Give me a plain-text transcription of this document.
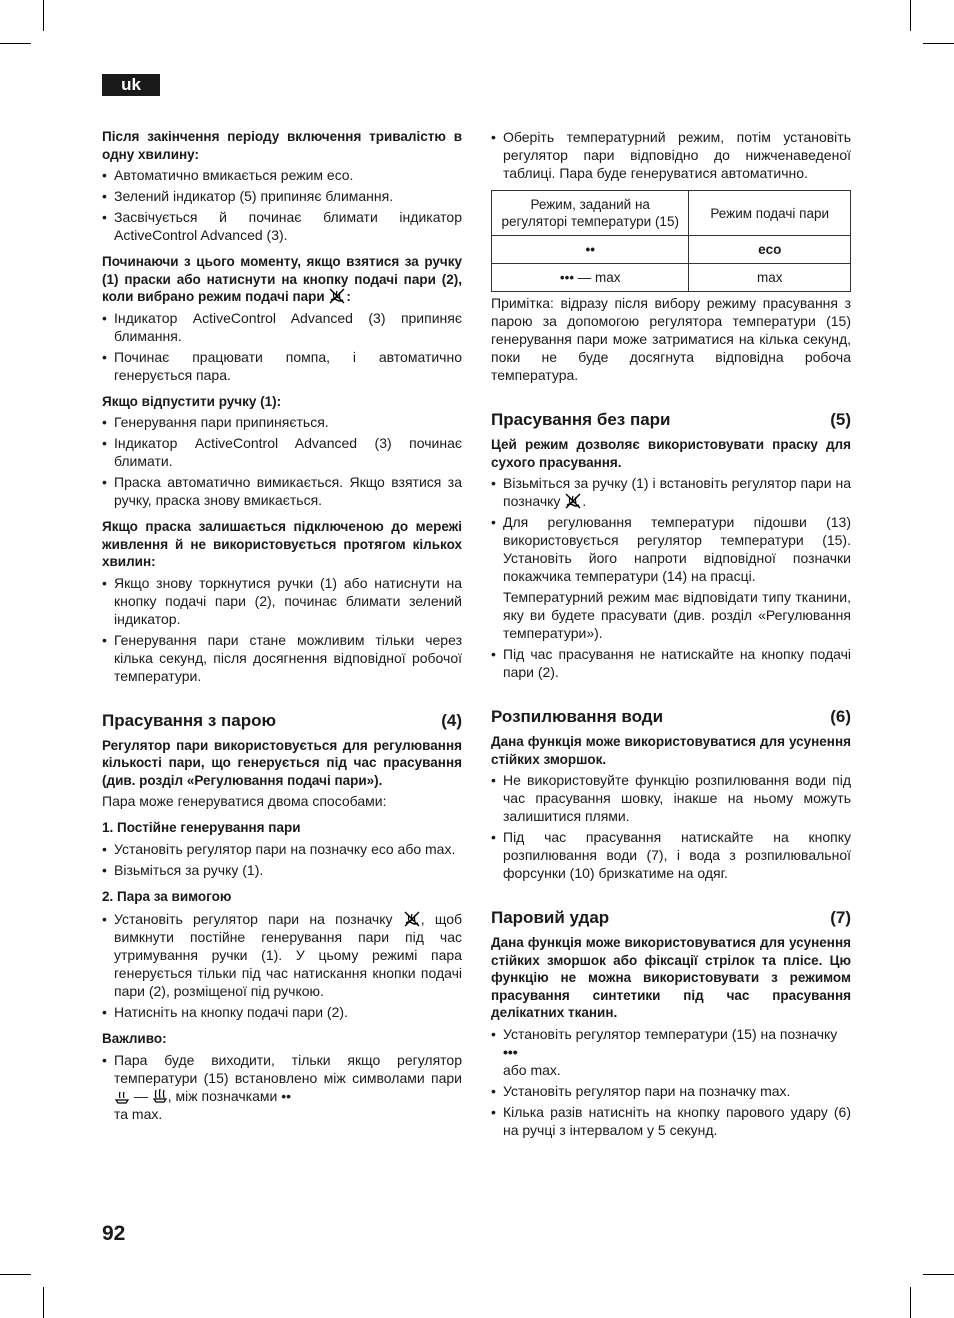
uk

Після закінчення періоду включення тривалістю в одну хвилину:

• Автоматично вмикається режим eco.
• Зелений індикатор (5) припиняє блимання.
• Засвічується й починає блимати індикатор ActiveControl Advanced (3).

Починаючи з цього моменту, якщо взятися за ручку (1) праски або натиснути на кнопку подачі пари (2), коли вибрано режим подачі пари :

• Індикатор ActiveControl Advanced (3) припиняє блимання.
• Починає працювати помпа, і автоматично генерується пара.

Якщо відпустити ручку (1):

• Генерування пари припиняється.
• Індикатор ActiveControl Advanced (3) починає блимати.
• Праска автоматично вимикається. Якщо взятися за ручку, праска знову вмикається.

Якщо праска залишається підключеною до мережі живлення й не використовується протягом кількох хвилин:

• Якщо знову торкнутися ручки (1) або натиснути на кнопку подачі пари (2), починає блимати зелений індикатор.
• Генерування пари стане можливим тільки через кілька секунд, після досягнення відповідної робочої температури.
Прасування з парою	(4)

Регулятор пари використовується для регулювання кількості пари, що генерується під час прасування (див. розділ «Регулювання подачі пари»).

Пара може генеруватися двома способами:

1. Постійне генерування пари

• Установіть регулятор пари на позначку eco або max.
• Візьміться за ручку (1).

2. Пара за вимогою

• Установіть регулятор пари на позначку , щоб вимкнути постійне генерування пари під час утримування ручки (1). У цьому режимі пара генерується тільки під час натискання кнопки подачі пари (2), розміщеної під ручкою.
• Натисніть на кнопку подачі пари (2).

Важливо:

• Пара буде виходити, тільки якщо регулятор температури (15) встановлено між символами пари  — , між позначками ••
та max.
• Оберіть температурний режим, потім установіть регулятор пари відповідно до нижченаведеної таблиці. Пара буде генеруватися автоматично.
Режим, заданий на регуляторі температури (15)	Режим подачі пари
••	eco
••• — max	max

Примітка: відразу після вибору режиму прасування з парою за допомогою регулятора температури (15) генерування пари може затриматися на кілька секунд, поки не буде досягнута відповідна робоча температура.

Прасування без пари	(5)

Цей режим дозволяє використовувати праску для сухого прасування.

• Візьміться за ручку (1) і встановіть регулятор пари на позначку .
• Для регулювання температури підошви (13) використовується регулятор температури (15). Установіть його напроти відповідної позначки покажчика температури (14) на прасці.
Температурний режим має відповідати типу тканини, яку ви будете прасувати (див. розділ «Регулювання температури»).
• Під час прасування не натискайте на кнопку подачі пари (2).
Розпилювання води	(6)

Дана функція може використовуватися для усунення стійких зморшок.

• Не використовуйте функцію розпилювання води під час прасування шовку, інакше на ньому можуть залишитися плями.
• Під час прасування натискайте на кнопку розпилювання води (7), і вода з розпилювальної форсунки (10) бризкатиме на одяг.
Паровий удар	(7)

Дана функція може використовуватися для усунення стійких зморшок або фіксації стрілок та плісе. Цю функцію не можна використовувати з режимом прасування синтетики під час прасування делікатних тканин.

• Установіть регулятор температури (15) на позначку
•••
або max.
• Установіть регулятор пари на позначку max.
• Кілька разів натисніть на кнопку парового удару (6) на ручці з інтервалом у 5 секунд.
92
